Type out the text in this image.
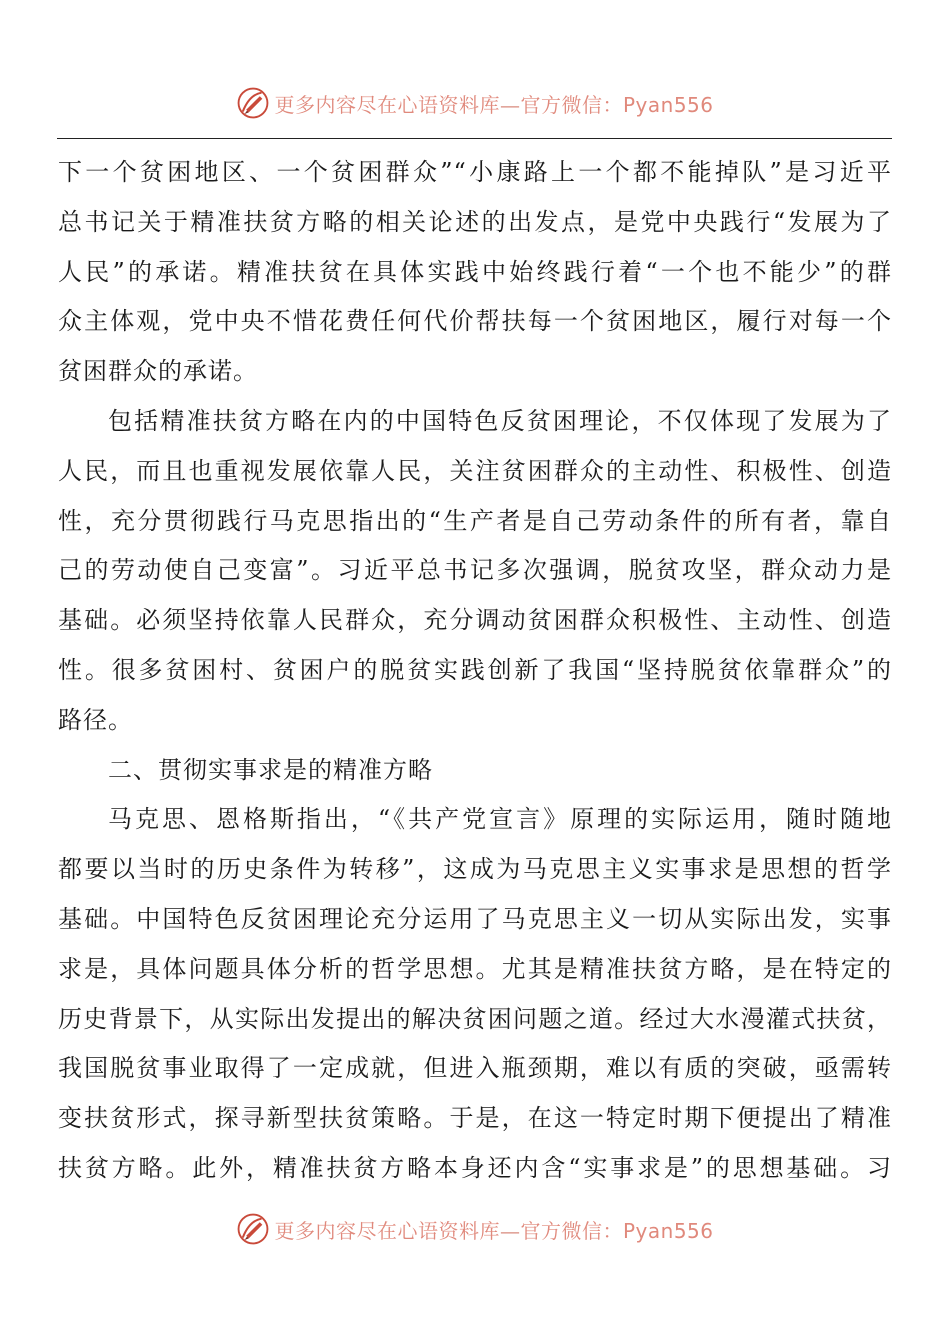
更多内容尽在心语资料库—官方微信：Pyan556
下一个贫困地区、一个贫困群众”“小康路上一个都不能掉队”是习近平
总书记关于精准扶贫方略的相关论述的出发点，是党中央践行“发展为了
人民”的承诺。精准扶贫在具体实践中始终践行着“一个也不能少”的群
众主体观，党中央不惜花费任何代价帮扶每一个贫困地区，履行对每一个
贫困群众的承诺。
包括精准扶贫方略在内的中国特色反贫困理论，不仅体现了发展为了
人民，而且也重视发展依靠人民，关注贫困群众的主动性、积极性、创造
性，充分贯彻践行马克思指出的“生产者是自己劳动条件的所有者，靠自
己的劳动使自己变富”。习近平总书记多次强调，脱贫攻坚，群众动力是
基础。必须坚持依靠人民群众，充分调动贫困群众积极性、主动性、创造
性。很多贫困村、贫困户的脱贫实践创新了我国“坚持脱贫依靠群众”的
路径。
二、贯彻实事求是的精准方略
马克思、恩格斯指出，“《共产党宣言》原理的实际运用，随时随地
都要以当时的历史条件为转移”，这成为马克思主义实事求是思想的哲学
基础。中国特色反贫困理论充分运用了马克思主义一切从实际出发，实事
求是，具体问题具体分析的哲学思想。尤其是精准扶贫方略，是在特定的
历史背景下，从实际出发提出的解决贫困问题之道。经过大水漫灌式扶贫，
我国脱贫事业取得了一定成就，但进入瓶颈期，难以有质的突破，亟需转
变扶贫形式，探寻新型扶贫策略。于是，在这一特定时期下便提出了精准
扶贫方略。此外，精准扶贫方略本身还内含“实事求是”的思想基础。习
更多内容尽在心语资料库—官方微信：Pyan556
